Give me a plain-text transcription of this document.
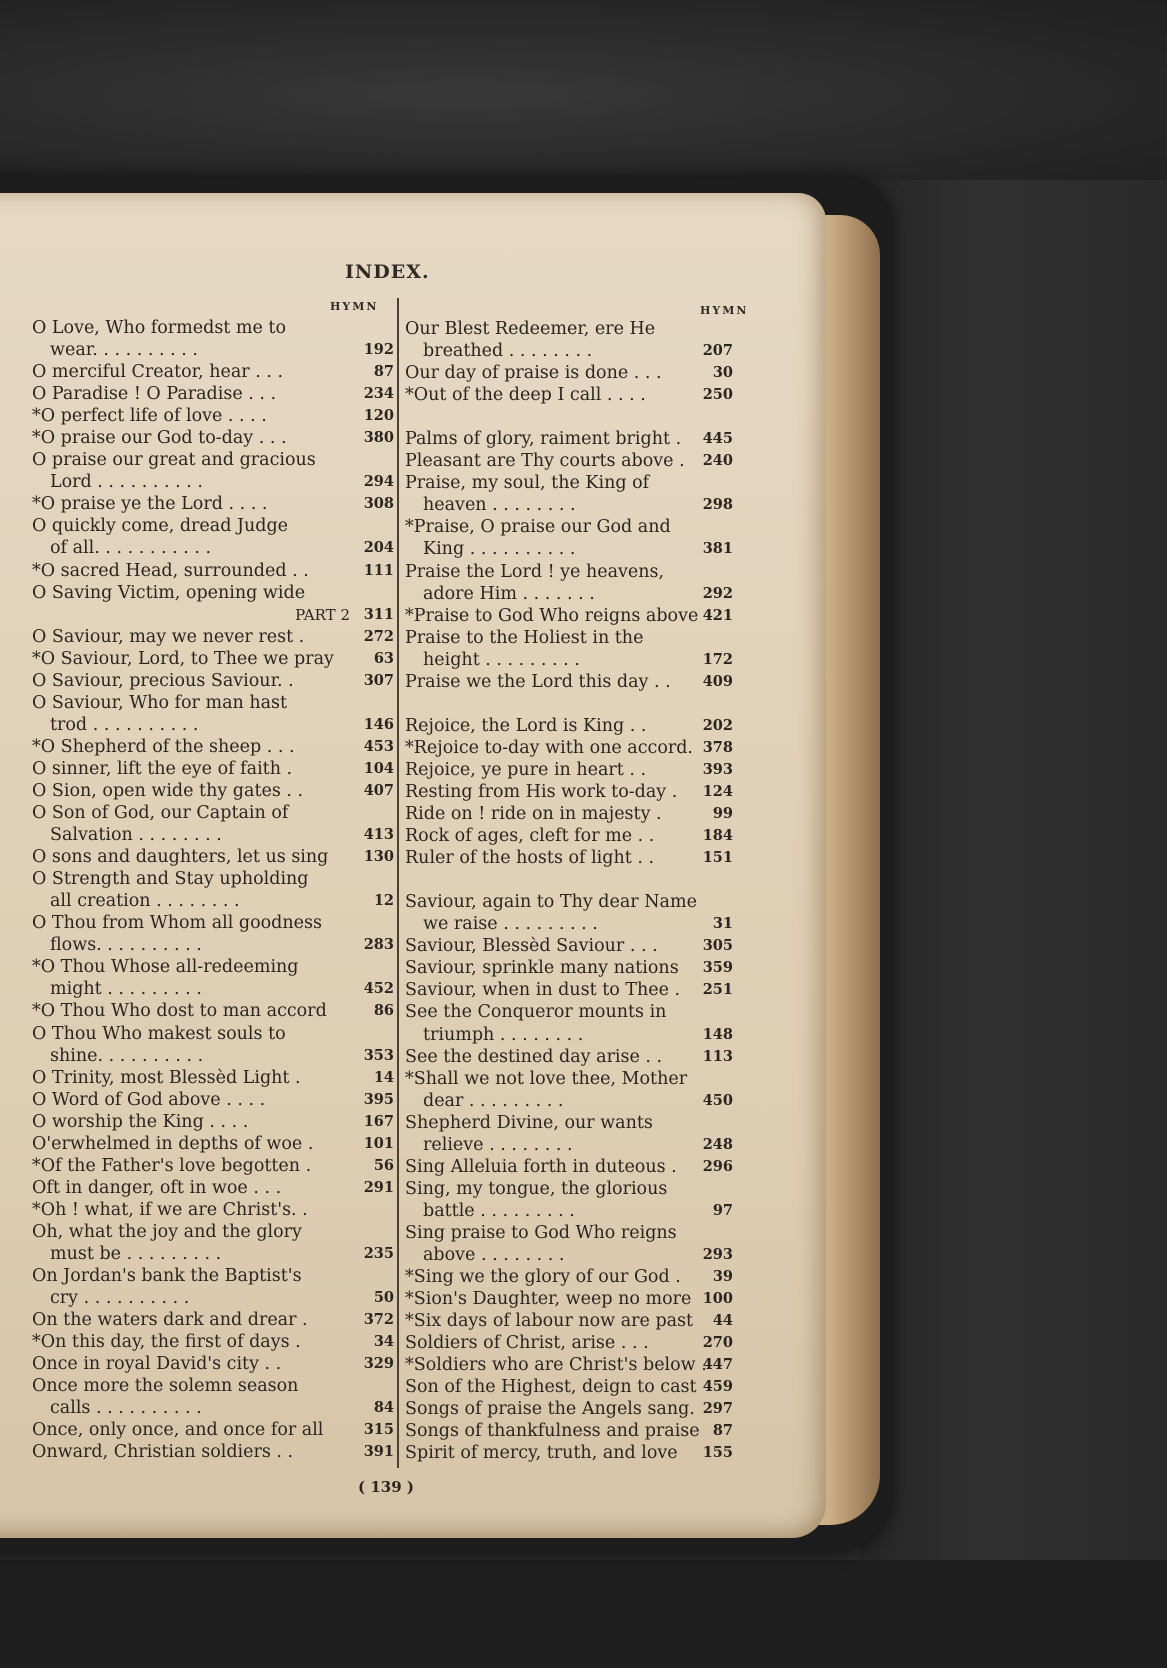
INDEX.
HYMN	HYMN
O Love, Who formedst me to
wear. . . . . . . . . .	192
O merciful Creator, hear . . .	87
O Paradise ! O Paradise . . .	234
*O perfect life of love . . . .	120
*O praise our God to-day . . .	380
O praise our great and gracious
Lord . . . . . . . . . .	294
*O praise ye the Lord . . . .	308
O quickly come, dread Judge
of all. . . . . . . . . . .	204
*O sacred Head, surrounded . .	111
O Saving Victim, opening wide
PART 2 311
O Saviour, may we never rest .	272
*O Saviour, Lord, to Thee we pray	63
O Saviour, precious Saviour. .	307
O Saviour, Who for man hast
trod . . . . . . . . . .	146
*O Shepherd of the sheep . . .	453
O sinner, lift the eye of faith .	104
O Sion, open wide thy gates . .	407
O Son of God, our Captain of
Salvation . . . . . . . .	413
O sons and daughters, let us sing 130
O Strength and Stay upholding
all creation . . . . . . . .	12
O Thou from Whom all goodness
flows. . . . . . . . . .	283
*O Thou Whose all-redeeming
might . . . . . . . . .	452
*O Thou Who dost to man accord	86
O Thou Who makest souls to
shine. . . . . . . . . .	353
O Trinity, most Blessèd Light .	14
O Word of God above . . . .	395
O worship the King . . . .	167
O'erwhelmed in depths of woe .	101
*Of the Father's love begotten .	56
Oft in danger, oft in woe . . .	291
*Oh ! what, if we are Christ's. .
Oh, what the joy and the glory
must be . . . . . . . . .	235
On Jordan's bank the Baptist's
cry . . . . . . . . . .	50
On the waters dark and drear .	372
*On this day, the first of days .	34
Once in royal David's city . .	329
Once more the solemn season
calls . . . . . . . . . .	84
Once, only once, and once for all	315
Onward, Christian soldiers . .	391
Our Blest Redeemer, ere He
breathed . . . . . . . .	207
Our day of praise is done . . .	30
*Out of the deep I call . . . .	250
Palms of glory, raiment bright . 445
Pleasant are Thy courts above . 240
Praise, my soul, the King of
heaven . . . . . . . .	298
*Praise, O praise our God and
King . . . . . . . . . .	381
Praise the Lord ! ye heavens,
adore Him . . . . . . .	292
*Praise to God Who reigns above 421
Praise to the Holiest in the
height . . . . . . . . .	172
Praise we the Lord this day . . 409
Rejoice, the Lord is King . .	202
*Rejoice to-day with one accord. 378
Rejoice, ye pure in heart . .	393
Resting from His work to-day . 124
Ride on ! ride on in majesty .	99
Rock of ages, cleft for me . .	184
Ruler of the hosts of light . .	151
Saviour, again to Thy dear Name
we raise . . . . . . . . .	31
Saviour, Blessèd Saviour . . .	305
Saviour, sprinkle many nations 359
Saviour, when in dust to Thee . 251
See the Conqueror mounts in
triumph . . . . . . . .	148
See the destined day arise . .	113
*Shall we not love thee, Mother
dear . . . . . . . . .	450
Shepherd Divine, our wants
relieve . . . . . . . .	248
Sing Alleluia forth in duteous . 296
Sing, my tongue, the glorious
battle . . . . . . . . .	97
Sing praise to God Who reigns
above . . . . . . . .	293
*Sing we the glory of our God . 39
*Sion's Daughter, weep no more 100
*Six days of labour now are past 44
Soldiers of Christ, arise . . .	270
*Soldiers who are Christ's below .
447
Son of the Highest, deign to cast 459
Songs of praise the Angels sang. 297
Songs of thankfulness and praise 87
Spirit of mercy, truth, and love 155
( 139 )
